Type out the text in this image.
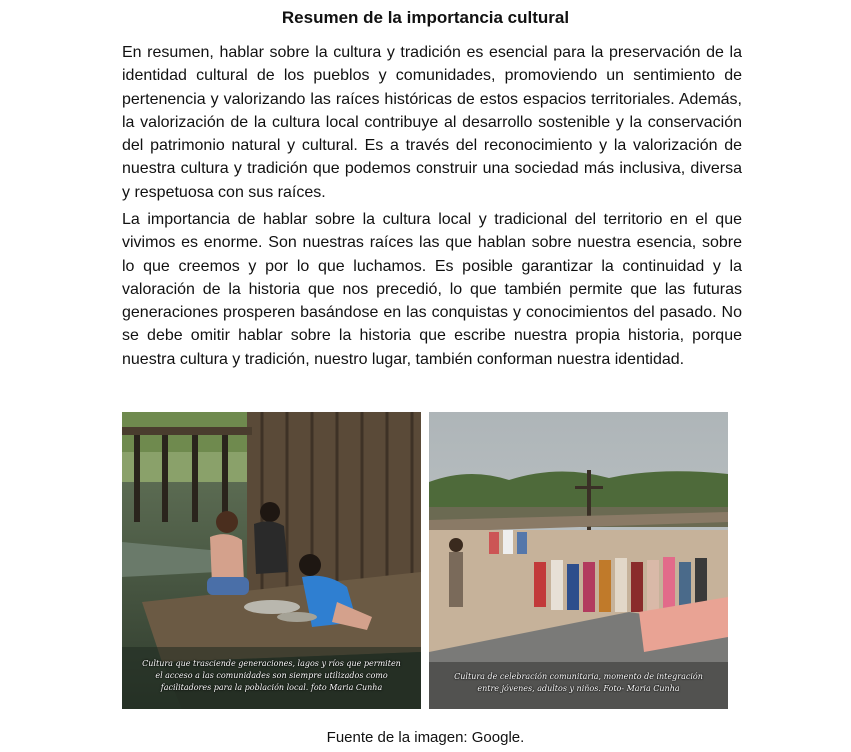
Resumen de la importancia cultural

En resumen, hablar sobre la cultura y tradición es esencial para la preservación de la identidad cultural de los pueblos y comunidades, promoviendo un sentimiento de pertenencia y valorizando las raíces históricas de estos espacios territoriales. Además, la valorización de la cultura local contribuye al desarrollo sostenible y la conservación del patrimonio natural y cultural. Es a través del reconocimiento y la valorización de nuestra cultura y tradición que podemos construir una sociedad más inclusiva, diversa y respetuosa con sus raíces.

La importancia de hablar sobre la cultura local y tradicional del territorio en el que vivimos es enorme. Son nuestras raíces las que hablan sobre nuestra esencia, sobre lo que creemos y por lo que luchamos. Es posible garantizar la continuidad y la valoración de la historia que nos precedió, lo que también permite que las futuras generaciones prosperen basándose en las conquistas y conocimientos del pasado. No se debe omitir hablar sobre la historia que escribe nuestra propia historia, porque nuestra cultura y tradición, nuestro lugar, también conforman nuestra identidad.

Cultura que trasciende generaciones, lagos y ríos que permiten el acceso a las comunidades son siempre utilizados como facilitadores para la población local. foto Maria Cunha
Cultura de celebración comunitaria, momento de integración entre jóvenes, adultos y niños. Foto- Maria Cunha
Fuente de la imagen: Google.
